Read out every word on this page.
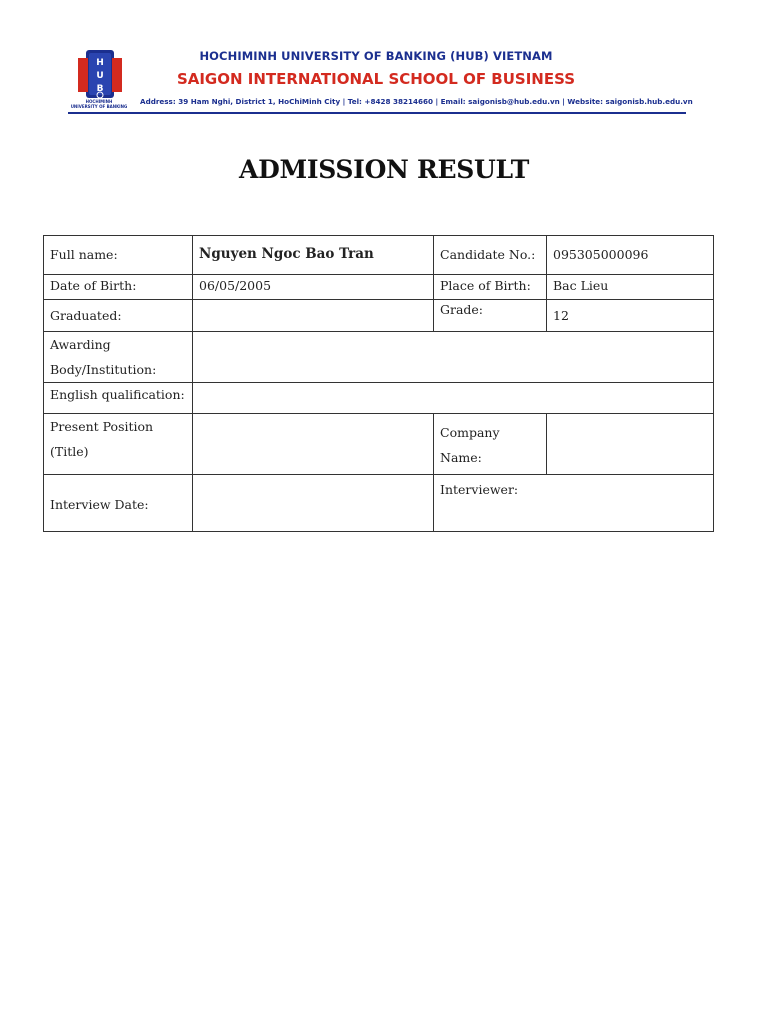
H
U
B
HOCHIMINH
UNIVERSITY OF BANKING
HOCHIMINH UNIVERSITY OF BANKING (HUB) VIETNAM
SAIGON INTERNATIONAL SCHOOL OF BUSINESS
Address: 39 Ham Nghi, District 1, HoChiMinh City | Tel: +8428 38214660 | Email: saigonisb@hub.edu.vn | Website: saigonisb.hub.edu.vn
ADMISSION RESULT
Full name:	Nguyen Ngoc Bao Tran	Candidate No.:	095305000096
Date of Birth:	06/05/2005	Place of Birth:	Bac Lieu
Graduated:		Grade:	12

Awarding
Body/Institution:			

English qualification:			

Present Position
(Title)		Company Name:	
Interview Date:		Interviewer:	
